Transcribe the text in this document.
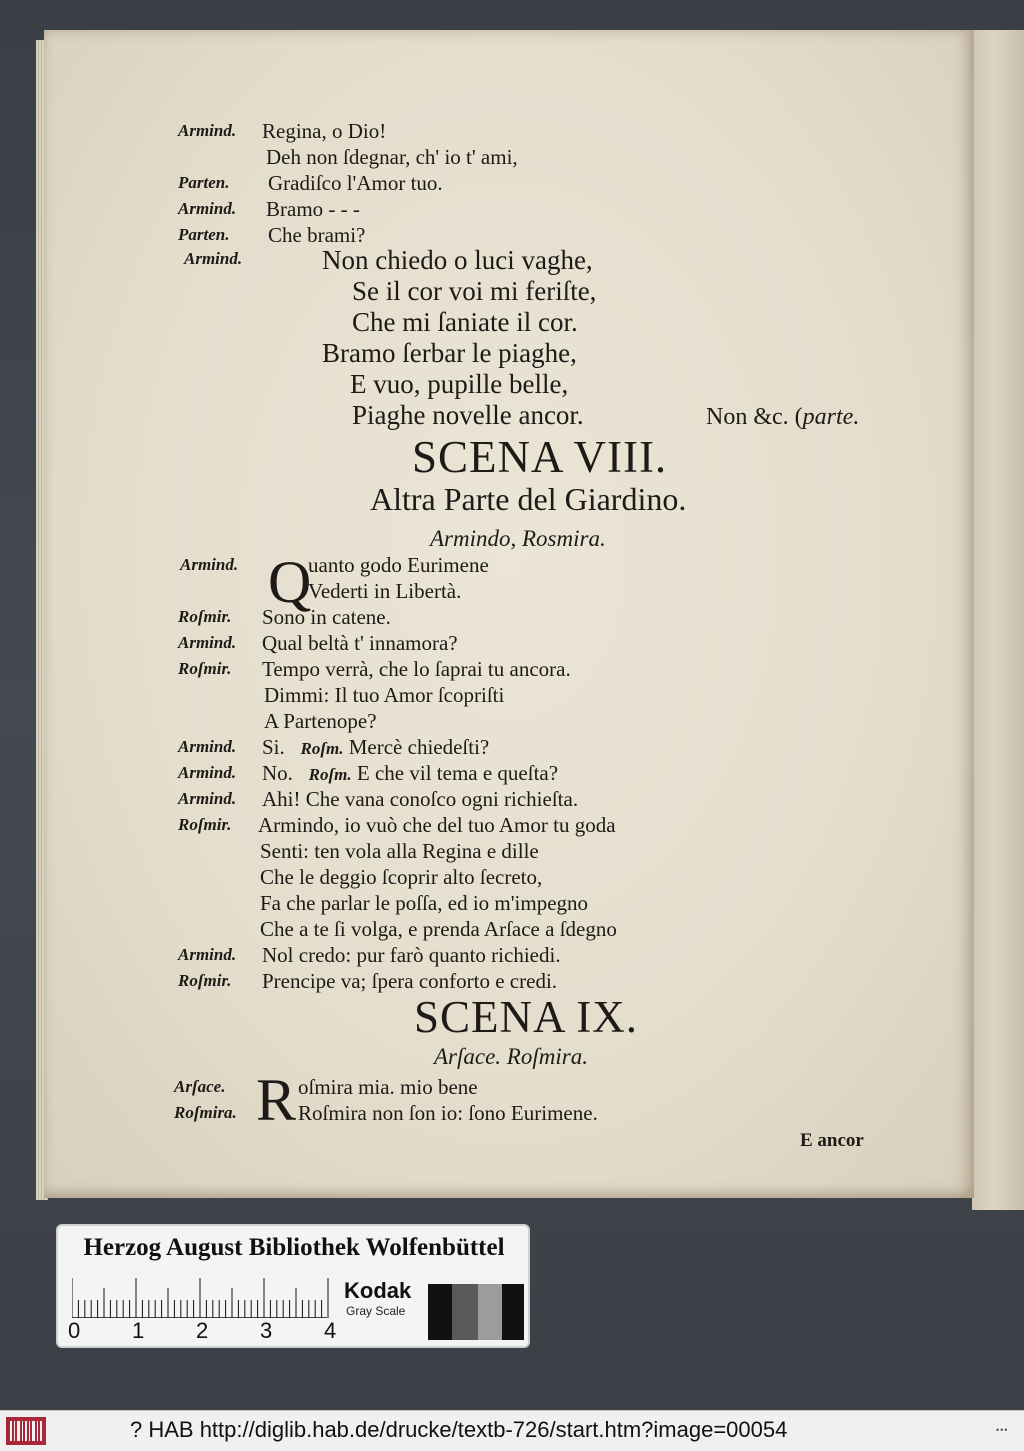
Armind. Regina, o Dio!
Deh non ſdegnar, ch' io t' ami,
Parten. Gradiſco l'Amor tuo.
Armind. Bramo - - -
Parten. Che brami?
Armind.	Non chiedo o luci vaghe,
Se il cor voi mi feriſte,
Che mi ſaniate il cor.
Bramo ſerbar le piaghe,
E vuo, pupille belle,
Piaghe novelle ancor.	Non &c. (parte.
SCENA VIII.
Altra Parte del Giardino.
Armindo, Rosmira.
Q
Armind.	uanto godo Eurimene
Vederti in Libertà.
Roſmir. Sono in catene.
Armind. Qual beltà t' innamora?
Roſmir. Tempo verrà, che lo ſaprai tu ancora.
Dimmi: Il tuo Amor ſcopriſti
A Partenope?
Armind. Si. Roſm. Mercè chiedeſti?
Armind. No. Roſm. E che vil tema e queſta?
Armind. Ahi! Che vana conoſco ogni richieſta.
Roſmir. Armindo, io vuò che del tuo Amor tu goda
Senti: ten vola alla Regina e dille
Che le deggio ſcoprir alto ſecreto,
Fa che parlar le poſſa, ed io m'impegno
Che a te ſi volga, e prenda Arſace a ſdegno
Armind. Nol credo: pur farò quanto richiedi.
Roſmir. Prencipe va; ſpera conforto e credi.
SCENA IX.
Arſace. Roſmira.
R
Arſace.	oſmira mia. mio bene
Roſmira.	Roſmira non ſon io: ſono Eurimene.
E ancor
Herzog August Bibliothek Wolfenbüttel
0 1 2 3 4
Kodak
Gray Scale
? HAB http://diglib.hab.de/drucke/textb-726/start.htm?image=00054	•••
